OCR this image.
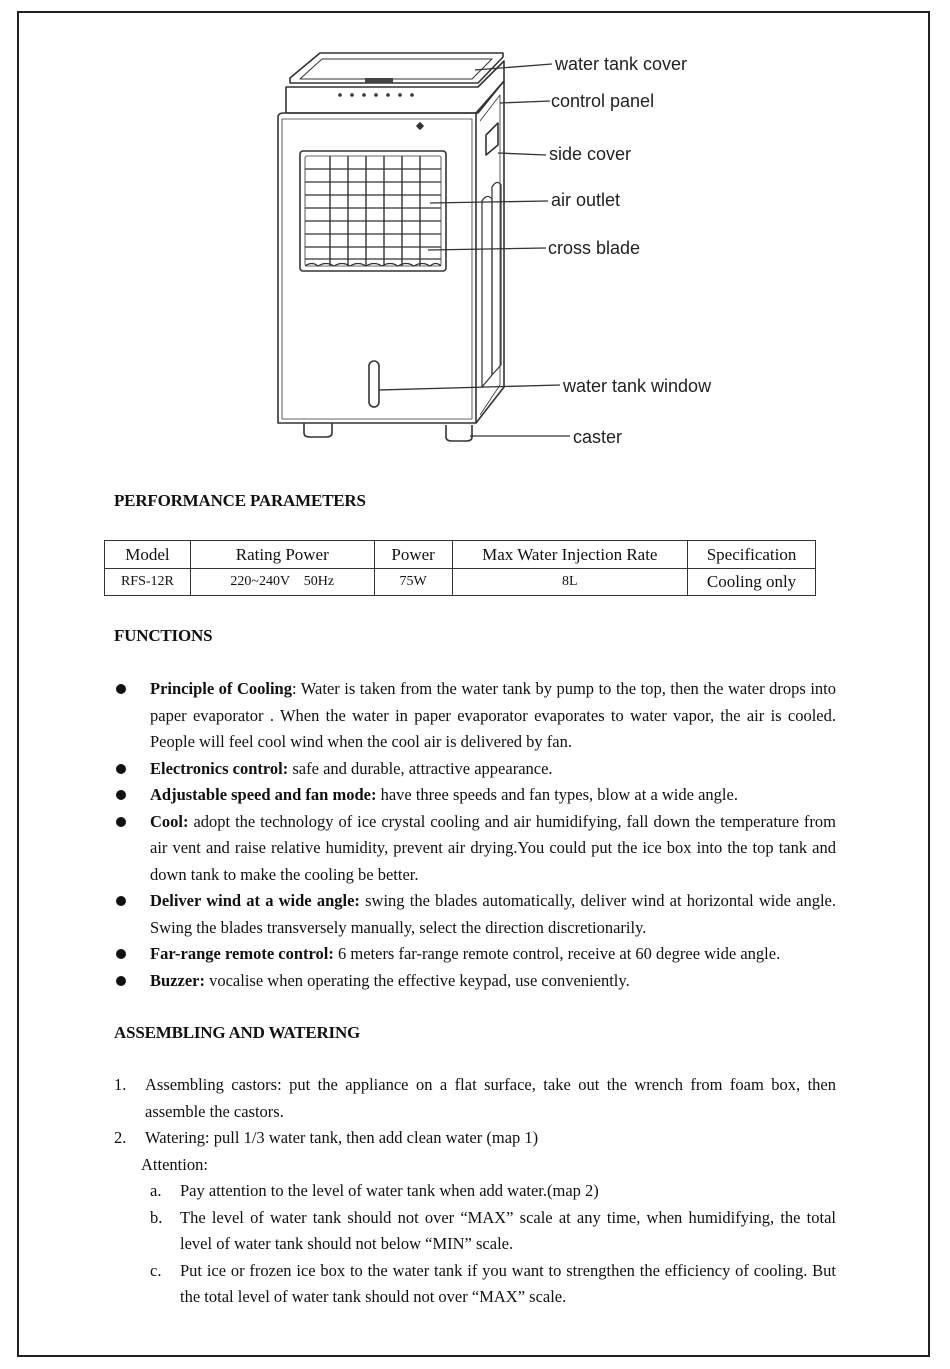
water tank cover
control panel
side cover
air outlet
cross blade
water tank window
caster
PERFORMANCE PARAMETERS
Model	Rating Power	Power	Max Water Injection Rate	Specification
RFS-12R	220~240V    50Hz	75W	8L	Cooling only
FUNCTIONS
Principle of Cooling: Water is taken from the water tank by pump to the top, then the water drops into paper evaporator . When the water in paper evaporator evaporates to water vapor, the air is cooled. People will feel cool wind when the cool air is delivered by fan.
Electronics control: safe and durable, attractive appearance.
Adjustable speed and fan mode: have three speeds and fan types, blow at a wide angle.
Cool: adopt the technology of ice crystal cooling and air humidifying, fall down the temperature from air vent and raise relative humidity, prevent air drying.You could put the ice box into the top tank and down tank to make the cooling be better.
Deliver wind at a wide angle: swing the blades automatically, deliver wind at horizontal wide angle. Swing the blades transversely manually, select the direction discretionarily.
Far-range remote control: 6 meters far-range remote control, receive at 60 degree wide angle.
Buzzer: vocalise when operating the effective keypad, use conveniently.
ASSEMBLING AND WATERING
1. Assembling castors: put the appliance on a flat surface, take out the wrench from foam box, then assemble the castors.
2. Watering: pull 1/3 water tank, then add clean water (map 1)
Attention:
a. Pay attention to the level of water tank when add water.(map 2)
b. The level of water tank should not over “MAX” scale at any time, when humidifying, the total level of water tank should not below “MIN” scale.
c. Put ice or frozen ice box to the water tank if you want to strengthen the efficiency of cooling. But the total level of water tank should not over “MAX” scale.
